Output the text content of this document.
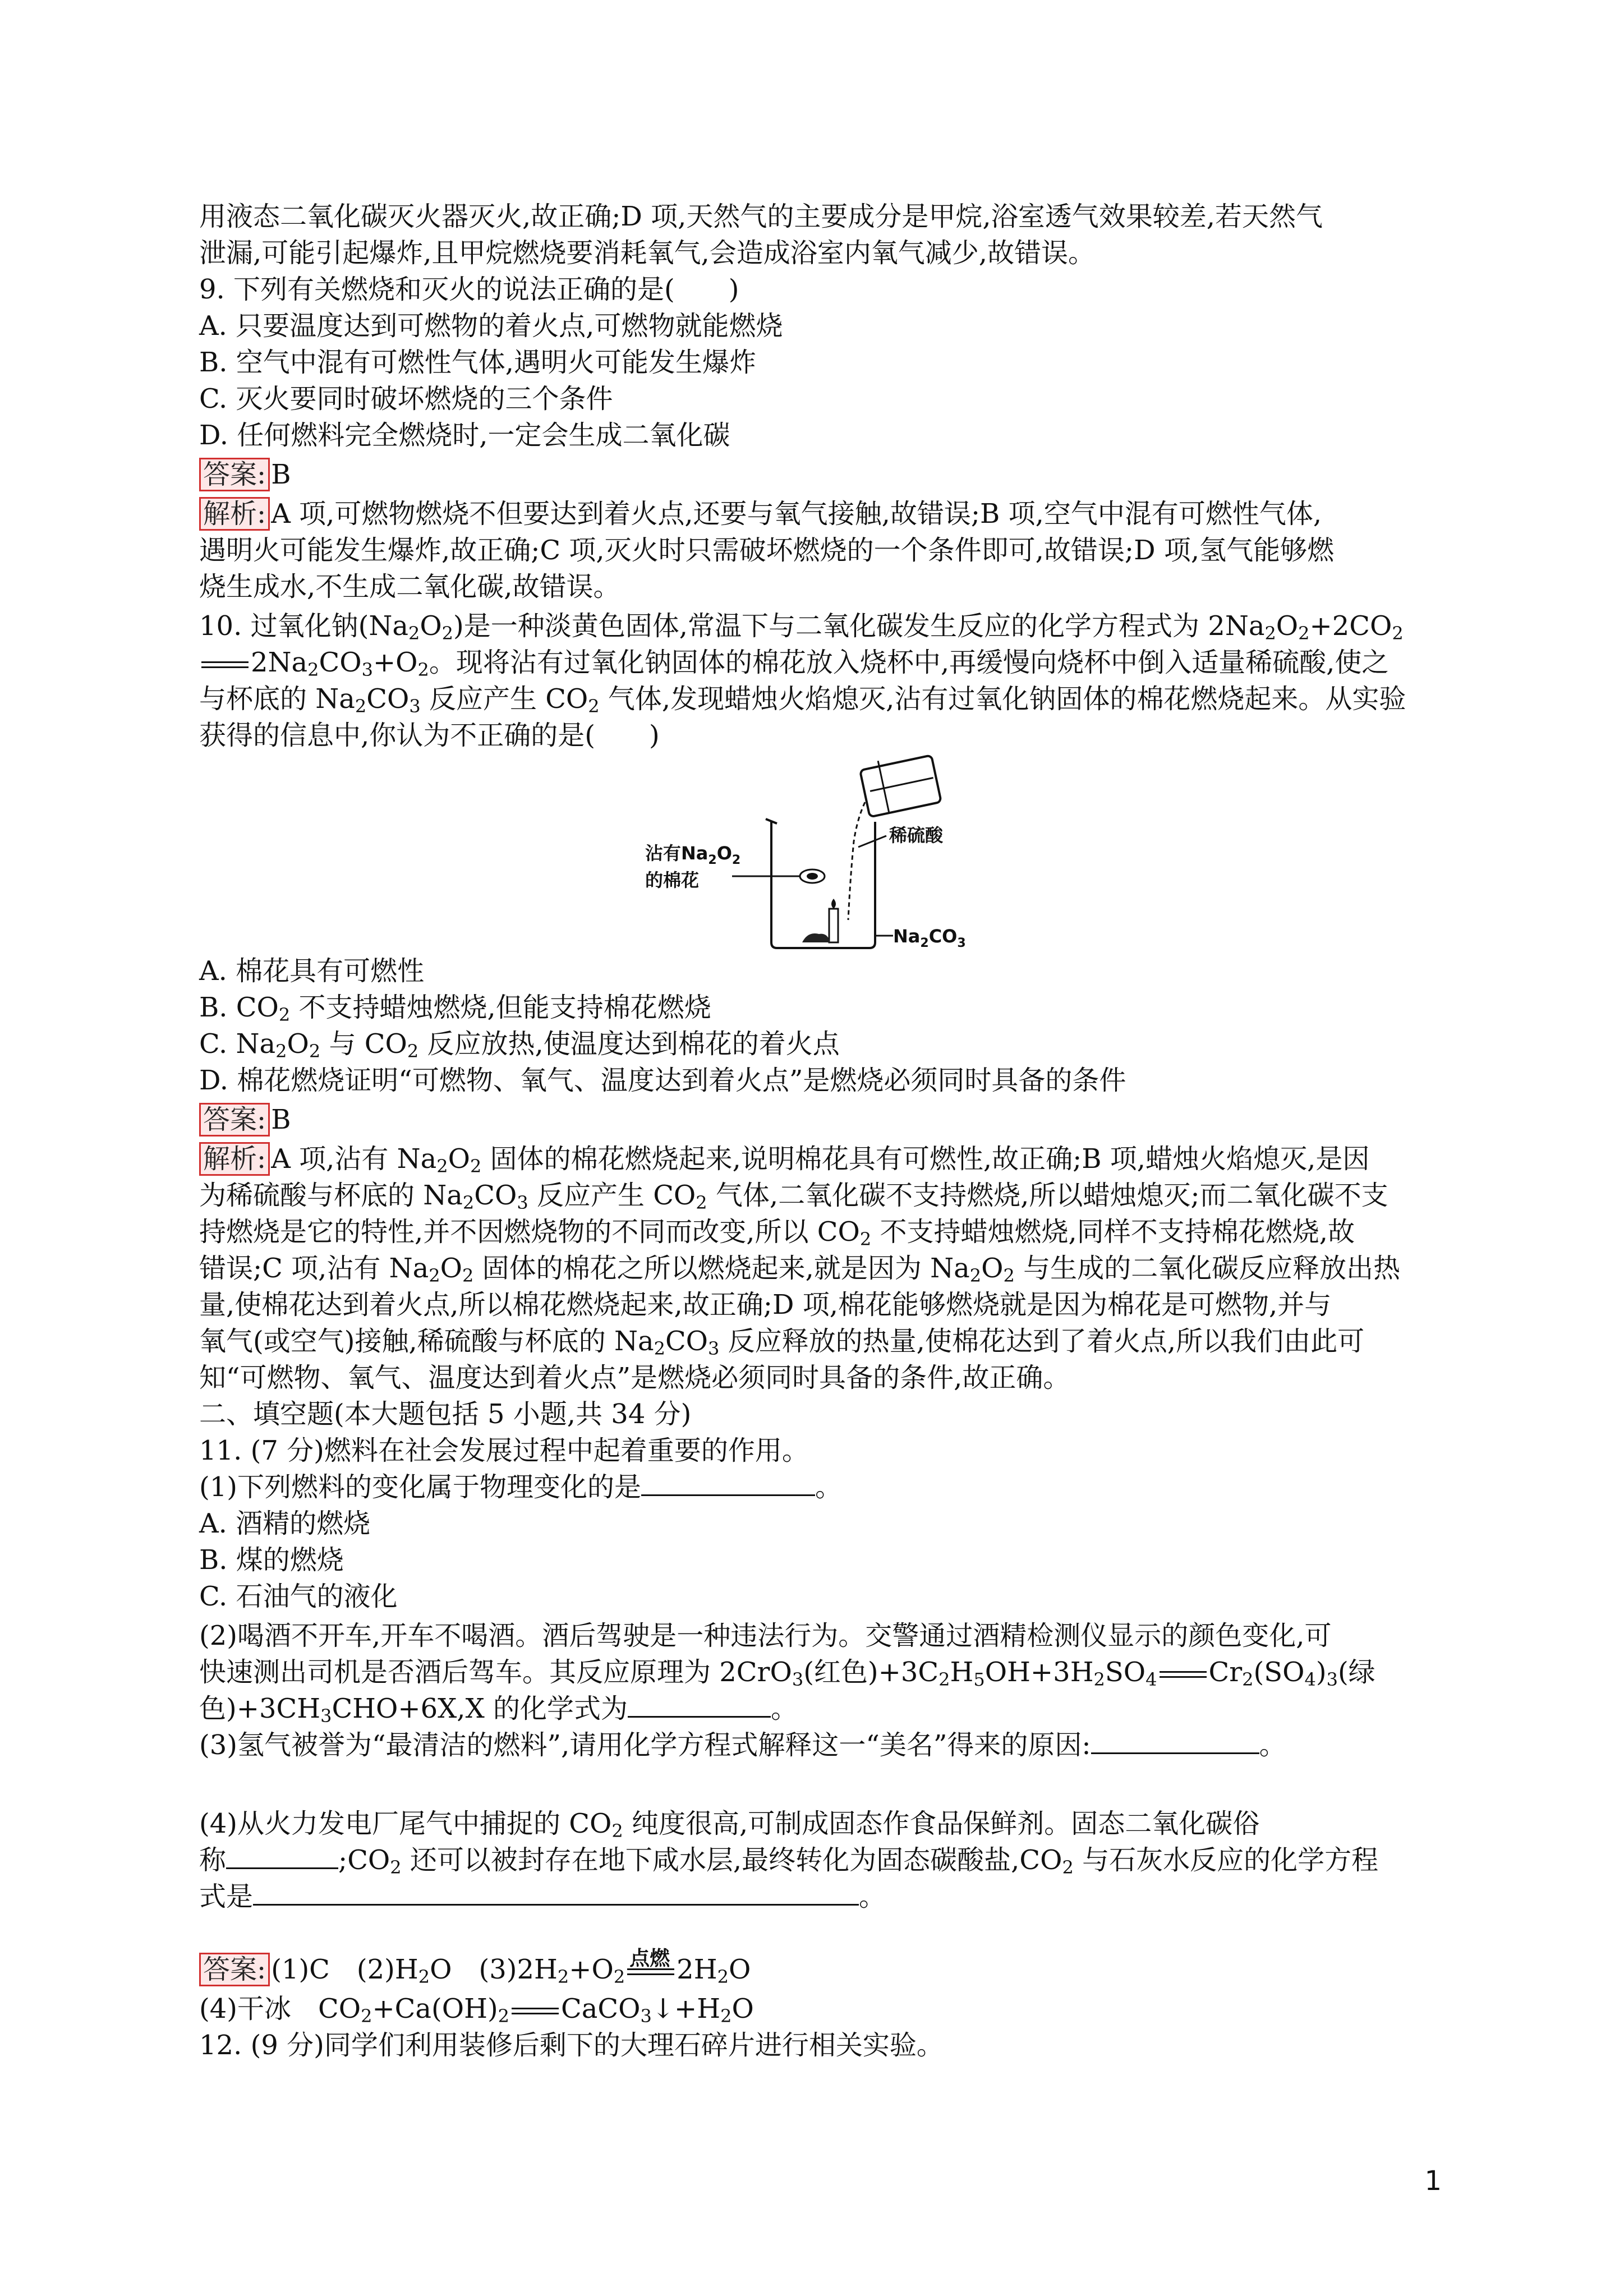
用液态二氧化碳灭火器灭火,故正确;D 项,天然气的主要成分是甲烷,浴室透气效果较差,若天然气
泄漏,可能引起爆炸,且甲烷燃烧要消耗氧气,会造成浴室内氧气减少,故错误。
9. 下列有关燃烧和灭火的说法正确的是(　　)
A. 只要温度达到可燃物的着火点,可燃物就能燃烧
B. 空气中混有可燃性气体,遇明火可能发生爆炸
C. 灭火要同时破坏燃烧的三个条件
D. 任何燃料完全燃烧时,一定会生成二氧化碳
答案: B
解析: A 项,可燃物燃烧不但要达到着火点,还要与氧气接触,故错误;B 项,空气中混有可燃性气体,
遇明火可能发生爆炸,故正确;C 项,灭火时只需破坏燃烧的一个条件即可,故错误;D 项,氢气能够燃
烧生成水,不生成二氧化碳,故错误。
10. 过氧化钠$(Na_2O_2)$是一种淡黄色固体,常温下与二氧化碳发生反应的化学方程式为 $2Na_2O_2+2CO_2$
$2Na_2CO_3+O_2$。现将沾有过氧化钠固体的棉花放入烧杯中,再缓慢向烧杯中倒入适量稀硫酸,使之
与杯底的 $Na_2CO_3$ 反应产生 $CO_2$ 气体,发现蜡烛火焰熄灭,沾有过氧化钠固体的棉花燃烧起来。从实验
获得的信息中,你认为不正确的是(　　)
沾有$Na_2O_2$
的棉花
稀硫酸
$Na_2CO_3$
A. 棉花具有可燃性
B. $CO_2$ 不支持蜡烛燃烧,但能支持棉花燃烧
C. $Na_2O_2$ 与 $CO_2$ 反应放热,使温度达到棉花的着火点
D. 棉花燃烧证明“可燃物、氧气、温度达到着火点”是燃烧必须同时具备的条件
答案: B
解析: A 项,沾有 $Na_2O_2$ 固体的棉花燃烧起来,说明棉花具有可燃性,故正确;B 项,蜡烛火焰熄灭,是因
为稀硫酸与杯底的 $Na_2CO_3$ 反应产生 $CO_2$ 气体,二氧化碳不支持燃烧,所以蜡烛熄灭;而二氧化碳不支
持燃烧是它的特性,并不因燃烧物的不同而改变,所以 $CO_2$ 不支持蜡烛燃烧,同样不支持棉花燃烧,故
错误;C 项,沾有 $Na_2O_2$ 固体的棉花之所以燃烧起来,就是因为 $Na_2O_2$ 与生成的二氧化碳反应释放出热
量,使棉花达到着火点,所以棉花燃烧起来,故正确;D 项,棉花能够燃烧就是因为棉花是可燃物,并与
氧气(或空气)接触,稀硫酸与杯底的 $Na_2CO_3$ 反应释放的热量,使棉花达到了着火点,所以我们由此可
知“可燃物、氧气、温度达到着火点”是燃烧必须同时具备的条件,故正确。
二、填空题(本大题包括 5 小题,共 34 分)
11. (7 分)燃料在社会发展过程中起着重要的作用。
(1)下列燃料的变化属于物理变化的是	。
A. 酒精的燃烧
B. 煤的燃烧
C. 石油气的液化
(2)喝酒不开车,开车不喝酒。酒后驾驶是一种违法行为。交警通过酒精检测仪显示的颜色变化,可
快速测出司机是否酒后驾车。其反应原理为 2CrO$_3$(红色)$+3C_2H_5OH+3H_2SO_4$ $Cr_2(SO_4)_3$(绿
色)$+3CH_3CHO+6X,X$ 的化学式为	。
(3)氢气被誉为“最清洁的燃料”,请用化学方程式解释这一“美名”得来的原因:	。
(4)从火力发电厂尾气中捕捉的 $CO_2$ 纯度很高,可制成固态作食品保鲜剂。固态二氧化碳俗
称	$;CO_2$ 还可以被封存在地下咸水层,最终转化为固态碳酸盐$,CO_2$ 与石灰水反应的化学方程
式是	。
答案: (1)C　$(2)H_2O$　$(3)2H_2+O_2$
点燃 $2H_2O$
(4)干冰　$CO_2+Ca(OH)_2$ $CaCO_3↓+H_2O$
12. (9 分)同学们利用装修后剩下的大理石碎片进行相关实验。
1
